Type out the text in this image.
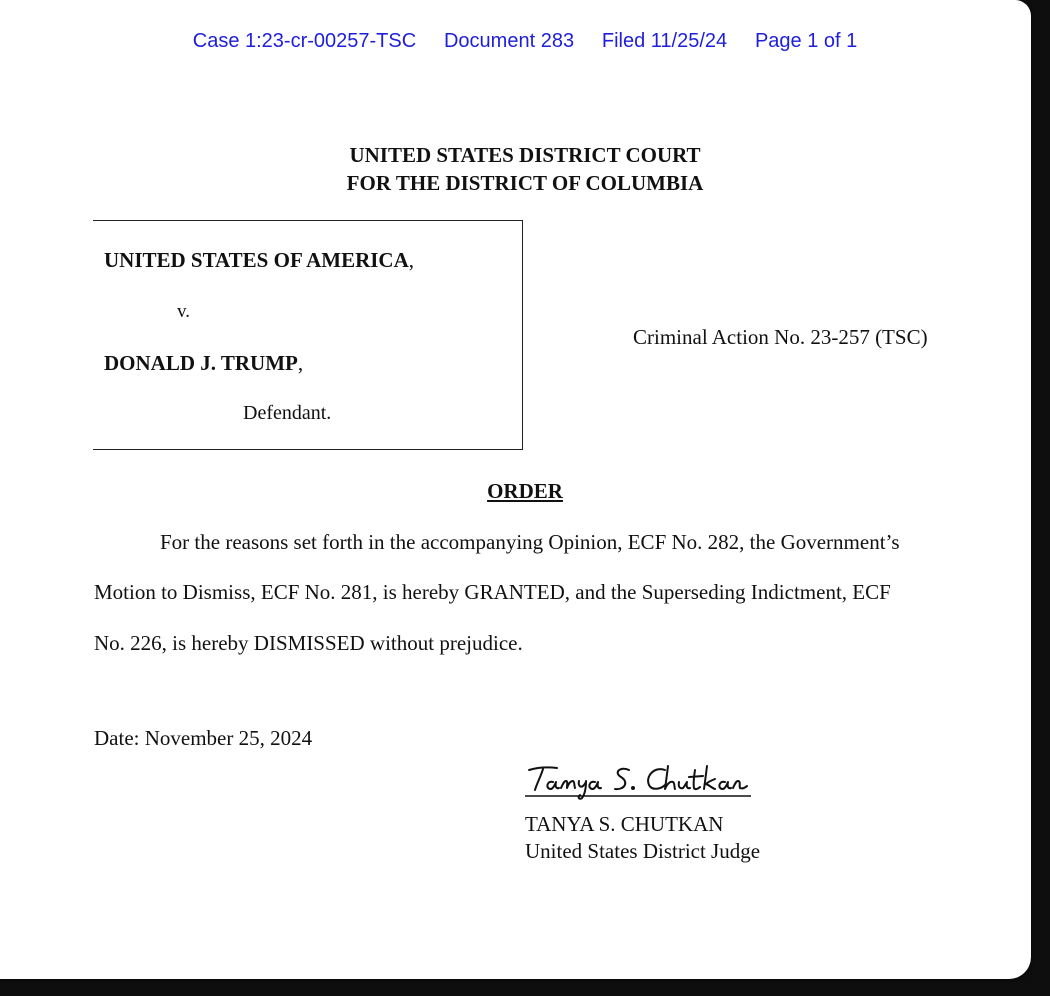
Case 1:23-cr-00257-TSC Document 283 Filed 11/25/24 Page 1 of 1
UNITED STATES DISTRICT COURT
FOR THE DISTRICT OF COLUMBIA
UNITED STATES OF AMERICA,
v.
DONALD J. TRUMP,
Defendant.
Criminal Action No. 23-257 (TSC)
ORDER
For the reasons set forth in the accompanying Opinion, ECF No. 282, the Government’s
Motion to Dismiss, ECF No. 281, is hereby GRANTED, and the Superseding Indictment, ECF
No. 226, is hereby DISMISSED without prejudice.
Date: November 25, 2024
TANYA S. CHUTKAN
United States District Judge
